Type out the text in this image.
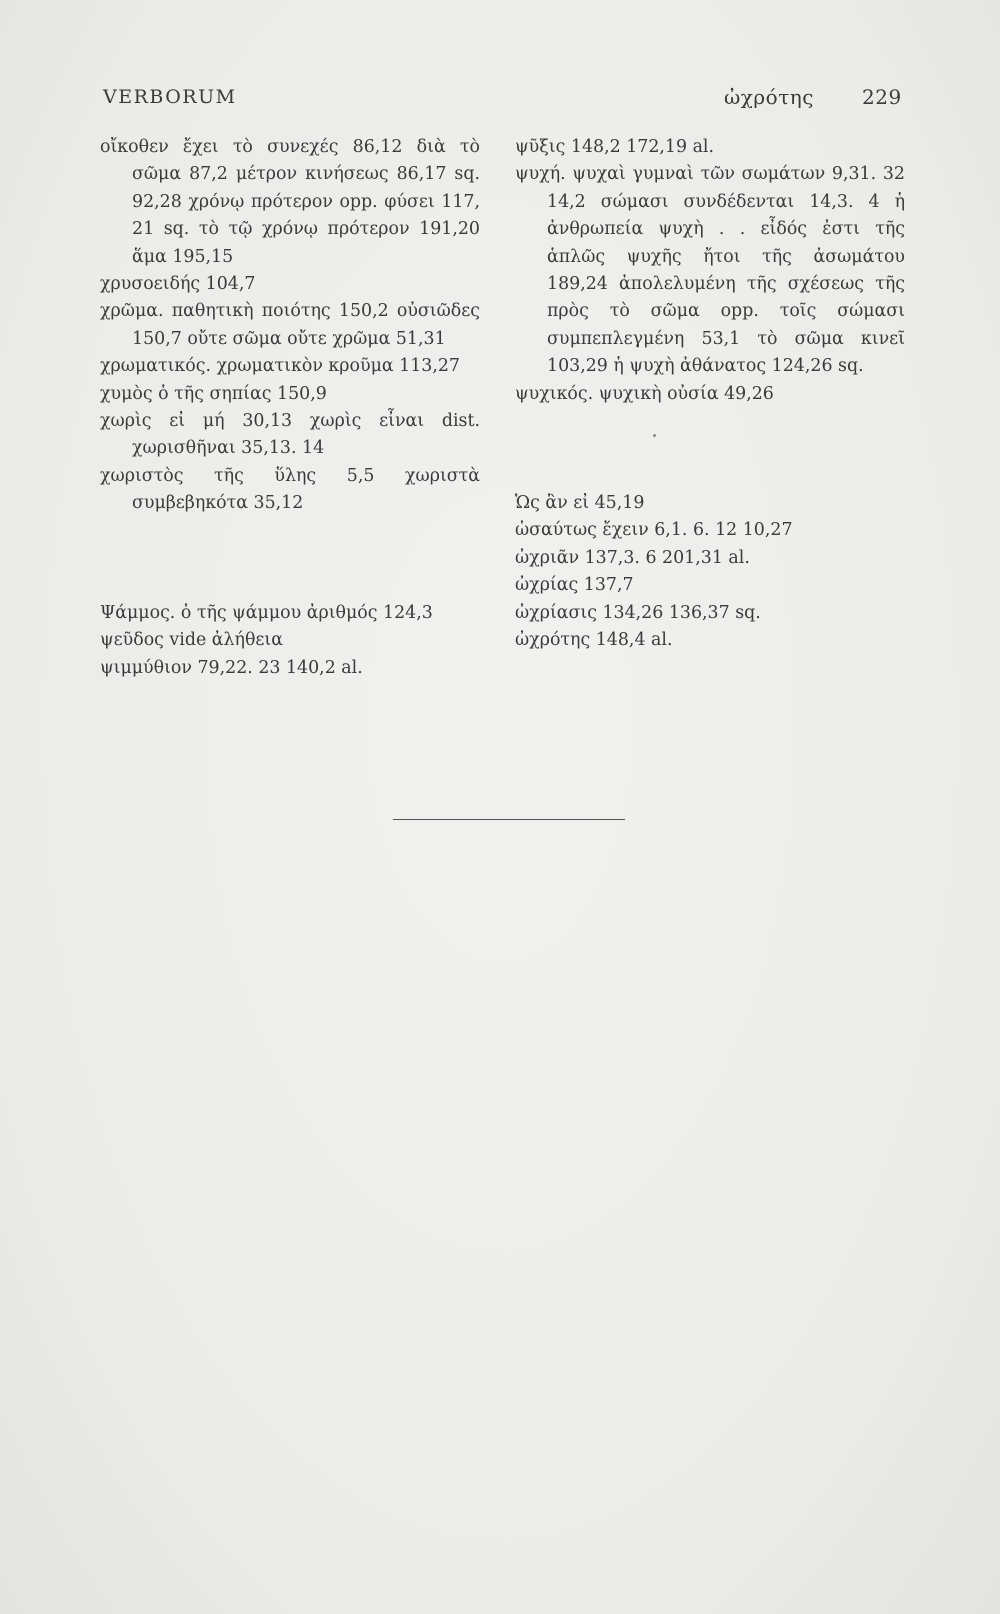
VERBORUM	ὠχρότης 229

οἴκοθεν ἔχει τὸ συνεχές 86,12 διὰ τὸ σῶμα 87,2 μέτρον κινήσεως 86,17 sq. 92,28 χρόνῳ πρότερον opp. φύσει 117, 21 sq. τὸ τῷ χρόνῳ πρότερον 191,20 ἅμα 195,15

χρυσοειδής 104,7

χρῶμα. παθητικὴ ποιότης 150,2 οὐσιῶδες 150,7 οὔτε σῶμα οὔτε χρῶμα 51,31

χρωματικός. χρωματικὸν κροῦμα 113,27

χυμὸς ὁ τῆς σηπίας 150,9

χωρὶς εἰ μή 30,13 χωρὶς εἶναι dist. χωρισθῆναι 35,13. 14

χωριστὸς τῆς ὕλης 5,5 χωριστὰ συμβεβηκότα 35,12

Ψάμμος. ὁ τῆς ψάμμου ἀριθμός 124,3

ψεῦδος vide ἀλήθεια

ψιμμύθιον 79,22. 23 140,2 al.

ψῦξις 148,2 172,19 al.

ψυχή. ψυχαὶ γυμναὶ τῶν σωμάτων 9,31. 32 14,2 σώμασι συνδέδενται 14,3. 4 ἡ ἀνθρωπεία ψυχὴ . . εἶδός ἐστι τῆς ἁπλῶς ψυχῆς ἤτοι τῆς ἀσωμάτου 189,24 ἀπολελυμένη τῆς σχέσεως τῆς πρὸς τὸ σῶμα opp. τοῖς σώμασι συμπεπλεγμένη 53,1 τὸ σῶμα κινεῖ 103,29 ἡ ψυχὴ ἀθάνατος 124,26 sq.

ψυχικός. ψυχικὴ οὐσία 49,26

Ὡς ἂν εἰ 45,19

ὡσαύτως ἔχειν 6,1. 6. 12 10,27

ὠχριᾶν 137,3. 6 201,31 al.

ὠχρίας 137,7

ὠχρίασις 134,26 136,37 sq.

ὠχρότης 148,4 al.
